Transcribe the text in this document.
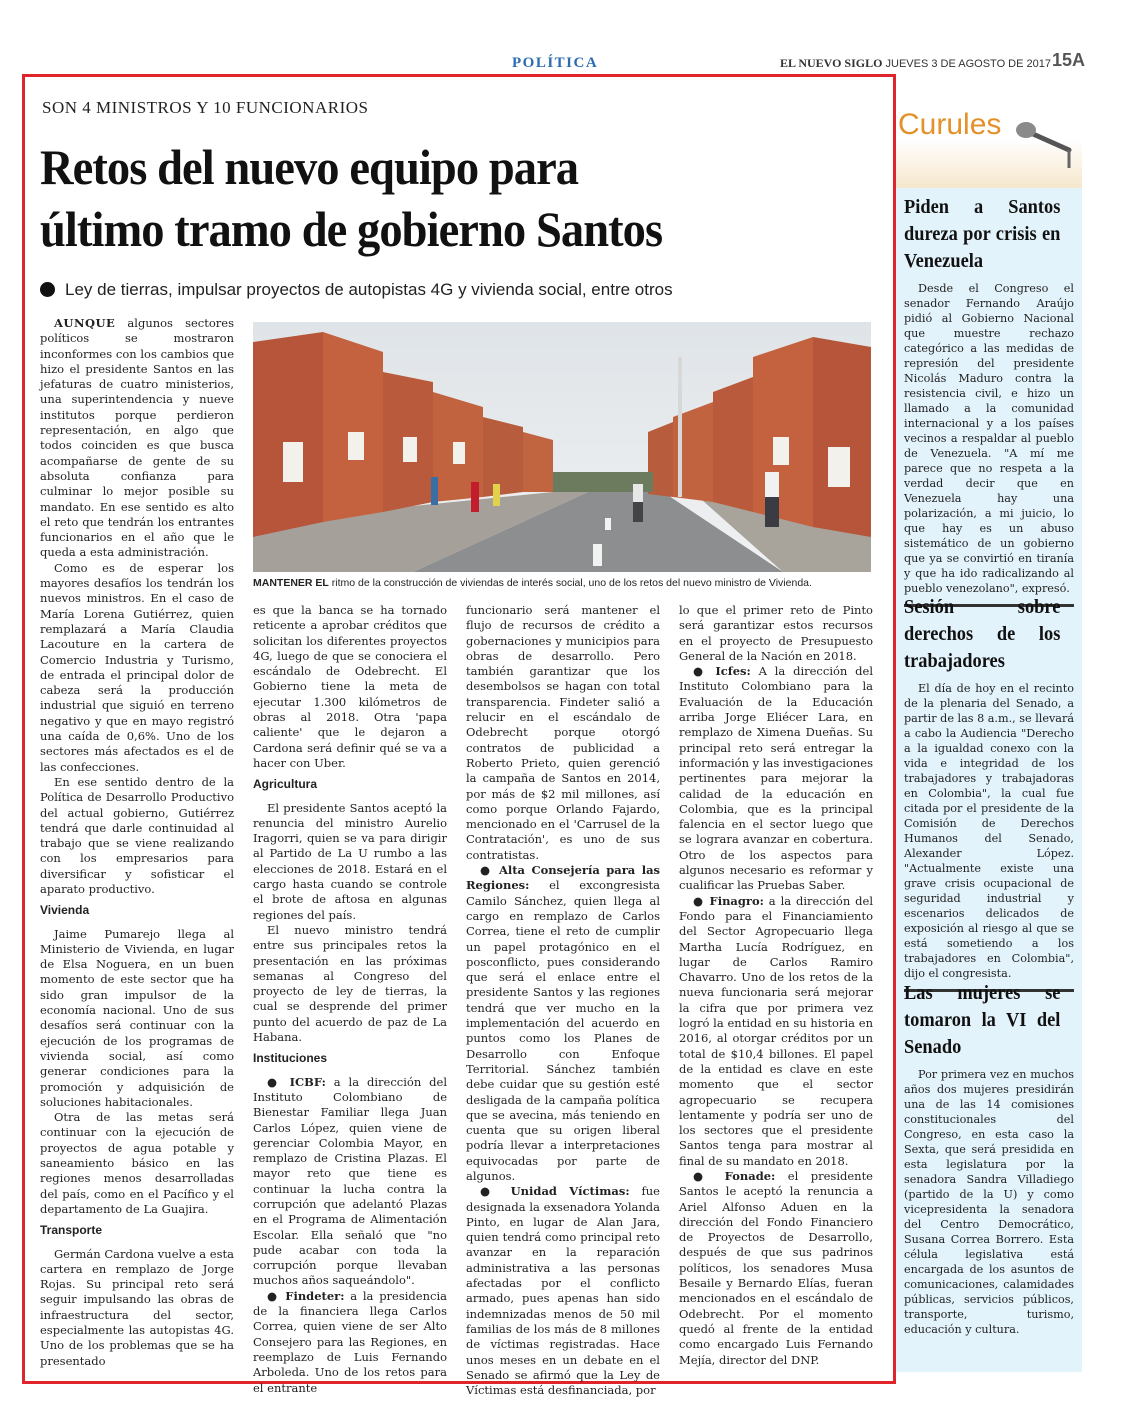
POLÍTICA	EL NUEVO SIGLO JUEVES 3 DE AGOSTO DE 2017 15A
SON 4 MINISTROS Y 10 FUNCIONARIOS
Retos del nuevo equipo para
último tramo de gobierno Santos
Ley de tierras, impulsar proyectos de autopistas 4G y vivienda social, entre otros

AUNQUE algunos sectores políticos se mostraron inconformes con los cambios que hizo el presidente Santos en las jefaturas de cuatro ministerios, una superintendencia y nueve institutos porque perdieron representación, en algo que todos coinciden es que busca acompañarse de gente de su absoluta confianza para culminar lo mejor posible su mandato. En ese sentido es alto el reto que tendrán los entrantes funcionarios en el año que le queda a esta administración.

Como es de esperar los mayores desafíos los tendrán los nuevos ministros. En el caso de María Lorena Gutiérrez, quien remplazará a María Claudia Lacouture en la cartera de Comercio Industria y Turismo, de entrada el principal dolor de cabeza será la producción industrial que siguió en terreno negativo y que en mayo registró una caída de 0,6%. Uno de los sectores más afectados es el de las confecciones.

En ese sentido dentro de la Política de Desarrollo Productivo del actual gobierno, Gutiérrez tendrá que darle continuidad al trabajo que se viene realizando con los empresarios para diversificar y sofisticar el aparato productivo.

Vivienda

Jaime Pumarejo llega al Ministerio de Vivienda, en lugar de Elsa Noguera, en un buen momento de este sector que ha sido gran impulsor de la economía nacional. Uno de sus desafíos será continuar con la ejecución de los programas de vivienda social, así como generar condiciones para la promoción y adquisición de soluciones habitacionales.

Otra de las metas será continuar con la ejecución de proyectos de agua potable y saneamiento básico en las regiones menos desarrolladas del país, como en el Pacífico y el departamento de La Guajira.

Transporte

Germán Cardona vuelve a esta cartera en remplazo de Jorge Rojas. Su principal reto será seguir impulsando las obras de infraestructura del sector, especialmente las autopistas 4G. Uno de los problemas que se ha presentado

MANTENER EL ritmo de la construcción de viviendas de interés social, uno de los retos del nuevo ministro de Vivienda.

es que la banca se ha tornado reticente a aprobar créditos que solicitan los diferentes proyectos 4G, luego de que se conociera el escándalo de Odebrecht. El Gobierno tiene la meta de ejecutar 1.300 kilómetros de obras al 2018. Otra 'papa caliente' que le dejaron a Cardona será definir qué se va a hacer con Uber.

Agricultura

El presidente Santos aceptó la renuncia del ministro Aurelio Iragorri, quien se va para dirigir al Partido de La U rumbo a las elecciones de 2018. Estará en el cargo hasta cuando se controle el brote de aftosa en algunas regiones del país.

El nuevo ministro tendrá entre sus principales retos la presentación en las próximas semanas al Congreso del proyecto de ley de tierras, la cual se desprende del primer punto del acuerdo de paz de La Habana.

Instituciones

● ICBF: a la dirección del Instituto Colombiano de Bienestar Familiar llega Juan Carlos López, quien viene de gerenciar Colombia Mayor, en remplazo de Cristina Plazas. El mayor reto que tiene es continuar la lucha contra la corrupción que adelantó Plazas en el Programa de Alimentación Escolar. Ella señaló que "no pude acabar con toda la corrupción porque llevaban muchos años saqueándolo".

● Findeter: a la presidencia de la financiera llega Carlos Correa, quien viene de ser Alto Consejero para las Regiones, en reemplazo de Luis Fernando Arboleda. Uno de los retos para el entrante

funcionario será mantener el flujo de recursos de crédito a gobernaciones y municipios para obras de desarrollo. Pero también garantizar que los desembolsos se hagan con total transparencia. Findeter salió a relucir en el escándalo de Odebrecht porque otorgó contratos de publicidad a Roberto Prieto, quien gerenció la campaña de Santos en 2014, por más de $2 mil millones, así como porque Orlando Fajardo, mencionado en el 'Carrusel de la Contratación', es uno de sus contratistas.

● Alta Consejería para las Regiones: el excongresista Camilo Sánchez, quien llega al cargo en remplazo de Carlos Correa, tiene el reto de cumplir un papel protagónico en el posconflicto, pues considerando que será el enlace entre el presidente Santos y las regiones tendrá que ver mucho en la implementación del acuerdo en puntos como los Planes de Desarrollo con Enfoque Territorial. Sánchez también debe cuidar que su gestión esté desligada de la campaña política que se avecina, más teniendo en cuenta que su origen liberal podría llevar a interpretaciones equivocadas por parte de algunos.

● Unidad Víctimas: fue designada la exsenadora Yolanda Pinto, en lugar de Alan Jara, quien tendrá como principal reto avanzar en la reparación administrativa a las personas afectadas por el conflicto armado, pues apenas han sido indemnizadas menos de 50 mil familias de los más de 8 millones de víctimas registradas. Hace unos meses en un debate en el Senado se afirmó que la Ley de Víctimas está desfinanciada, por

lo que el primer reto de Pinto será garantizar estos recursos en el proyecto de Presupuesto General de la Nación en 2018.

● Icfes: A la dirección del Instituto Colombiano para la Evaluación de la Educación arriba Jorge Eliécer Lara, en remplazo de Ximena Dueñas. Su principal reto será entregar la información y las investigaciones pertinentes para mejorar la calidad de la educación en Colombia, que es la principal falencia en el sector luego que se lograra avanzar en cobertura. Otro de los aspectos para algunos necesario es reformar y cualificar las Pruebas Saber.

● Finagro: a la dirección del Fondo para el Financiamiento del Sector Agropecuario llega Martha Lucía Rodríguez, en lugar de Carlos Ramiro Chavarro. Uno de los retos de la nueva funcionaria será mejorar la cifra que por primera vez logró la entidad en su historia en 2016, al otorgar créditos por un total de $10,4 billones. El papel de la entidad es clave en este momento que el sector agropecuario se recupera lentamente y podría ser uno de los sectores que el presidente Santos tenga para mostrar al final de su mandato en 2018.

● Fonade: el presidente Santos le aceptó la renuncia a Ariel Alfonso Aduen en la dirección del Fondo Financiero de Proyectos de Desarrollo, después de que sus padrinos políticos, los senadores Musa Besaile y Bernardo Elías, fueran mencionados en el escándalo de Odebrecht. Por el momento quedó al frente de la entidad como encargado Luis Fernando Mejía, director del DNP.

Curules
Piden a Santos dureza por crisis en Venezuela

Desde el Congreso el senador Fernando Araújo pidió al Gobierno Nacional que muestre rechazo categórico a las medidas de represión del presidente Nicolás Maduro contra la resistencia civil, e hizo un llamado a la comunidad internacional y a los países vecinos a respaldar al pueblo de Venezuela. "A mí me parece que no respeta a la verdad decir que en Venezuela hay una polarización, a mi juicio, lo que hay es un abuso sistemático de un gobierno que ya se convirtió en tiranía y que ha ido radicalizando al pueblo venezolano", expresó.

Sesión sobre derechos de los trabajadores

El día de hoy en el recinto de la plenaria del Senado, a partir de las 8 a.m., se llevará a cabo la Audiencia "Derecho a la igualdad conexo con la vida e integridad de los trabajadores y trabajadoras en Colombia", la cual fue citada por el presidente de la Comisión de Derechos Humanos del Senado, Alexander López. "Actualmente existe una grave crisis ocupacional de seguridad industrial y escenarios delicados de exposición al riesgo al que se está sometiendo a los trabajadores en Colombia", dijo el congresista.

Las mujeres se tomaron la VI del Senado

Por primera vez en muchos años dos mujeres presidirán una de las 14 comisiones constitucionales del Congreso, en esta caso la Sexta, que será presidida en esta legislatura por la senadora Sandra Villadiego (partido de la U) y como vicepresidenta la senadora del Centro Democrático, Susana Correa Borrero. Esta célula legislativa está encargada de los asuntos de comunicaciones, calamidades públicas, servicios públicos, transporte, turismo, educación y cultura.
